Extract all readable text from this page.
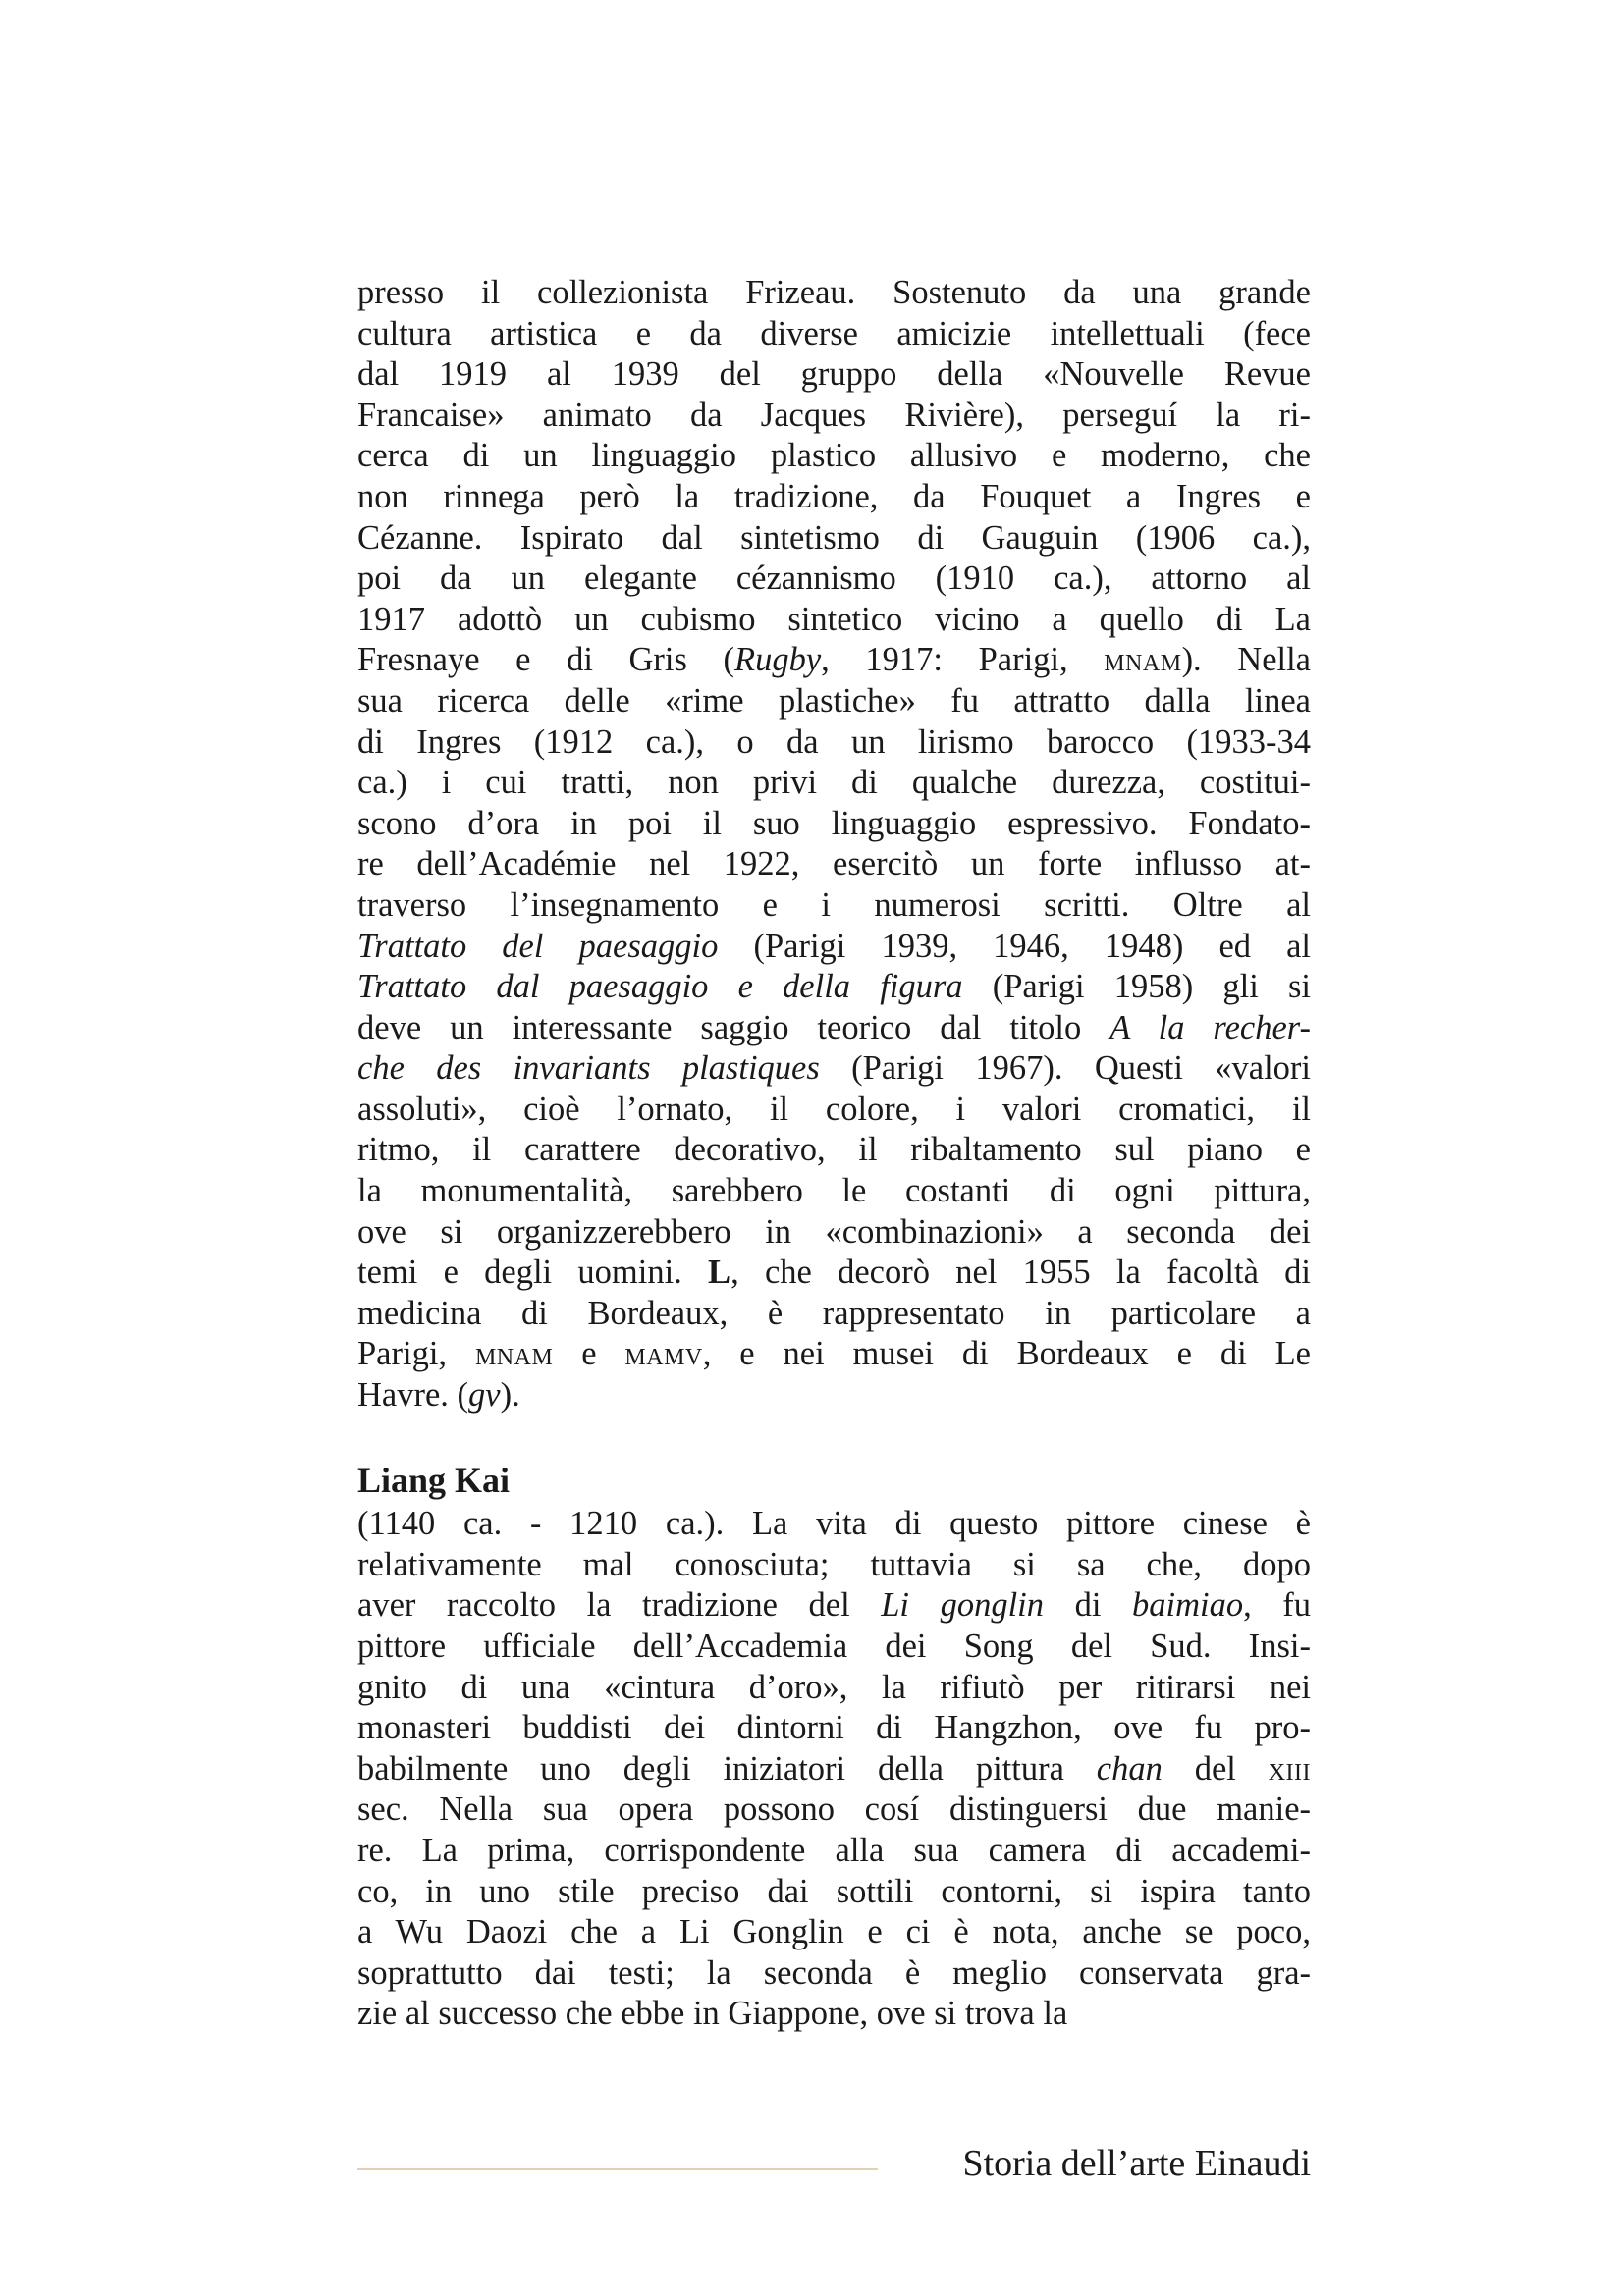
presso il collezionista Frizeau. Sostenuto da una grande
cultura artistica e da diverse amicizie intellettuali (fece
dal 1919 al 1939 del gruppo della «Nouvelle Revue
Francaise» animato da Jacques Rivière), perseguí la ri-
cerca di un linguaggio plastico allusivo e moderno, che
non rinnega però la tradizione, da Fouquet a Ingres e
Cézanne. Ispirato dal sintetismo di Gauguin (1906 ca.),
poi da un elegante cézannismo (1910 ca.), attorno al
1917 adottò un cubismo sintetico vicino a quello di La
Fresnaye e di Gris (Rugby, 1917: Parigi, mnam). Nella
sua ricerca delle «rime plastiche» fu attratto dalla linea
di Ingres (1912 ca.), o da un lirismo barocco (1933-34
ca.) i cui tratti, non privi di qualche durezza, costitui-
scono d’ora in poi il suo linguaggio espressivo. Fondato-
re dell’Académie nel 1922, esercitò un forte influsso at-
traverso l’insegnamento e i numerosi scritti. Oltre al
Trattato del paesaggio (Parigi 1939, 1946, 1948) ed al
Trattato dal paesaggio e della figura (Parigi 1958) gli si
deve un interessante saggio teorico dal titolo A la recher-
che des invariants plastiques (Parigi 1967). Questi «valori
assoluti», cioè l’ornato, il colore, i valori cromatici, il
ritmo, il carattere decorativo, il ribaltamento sul piano e
la monumentalità, sarebbero le costanti di ogni pittura,
ove si organizzerebbero in «combinazioni» a seconda dei
temi e degli uomini. L, che decorò nel 1955 la facoltà di
medicina di Bordeaux, è rappresentato in particolare a
Parigi, mnam e mamv, e nei musei di Bordeaux e di Le
Havre. (gv).
Liang Kai
(1140 ca. - 1210 ca.). La vita di questo pittore cinese è
relativamente mal conosciuta; tuttavia si sa che, dopo
aver raccolto la tradizione del Li gonglin di baimiao, fu
pittore ufficiale dell’Accademia dei Song del Sud. Insi-
gnito di una «cintura d’oro», la rifiutò per ritirarsi nei
monasteri buddisti dei dintorni di Hangzhon, ove fu pro-
babilmente uno degli iniziatori della pittura chan del xiii
sec. Nella sua opera possono cosí distinguersi due manie-
re. La prima, corrispondente alla sua camera di accademi-
co, in uno stile preciso dai sottili contorni, si ispira tanto
a Wu Daozi che a Li Gonglin e ci è nota, anche se poco,
soprattutto dai testi; la seconda è meglio conservata gra-
zie al successo che ebbe in Giappone, ove si trova la
Storia dell’arte Einaudi
